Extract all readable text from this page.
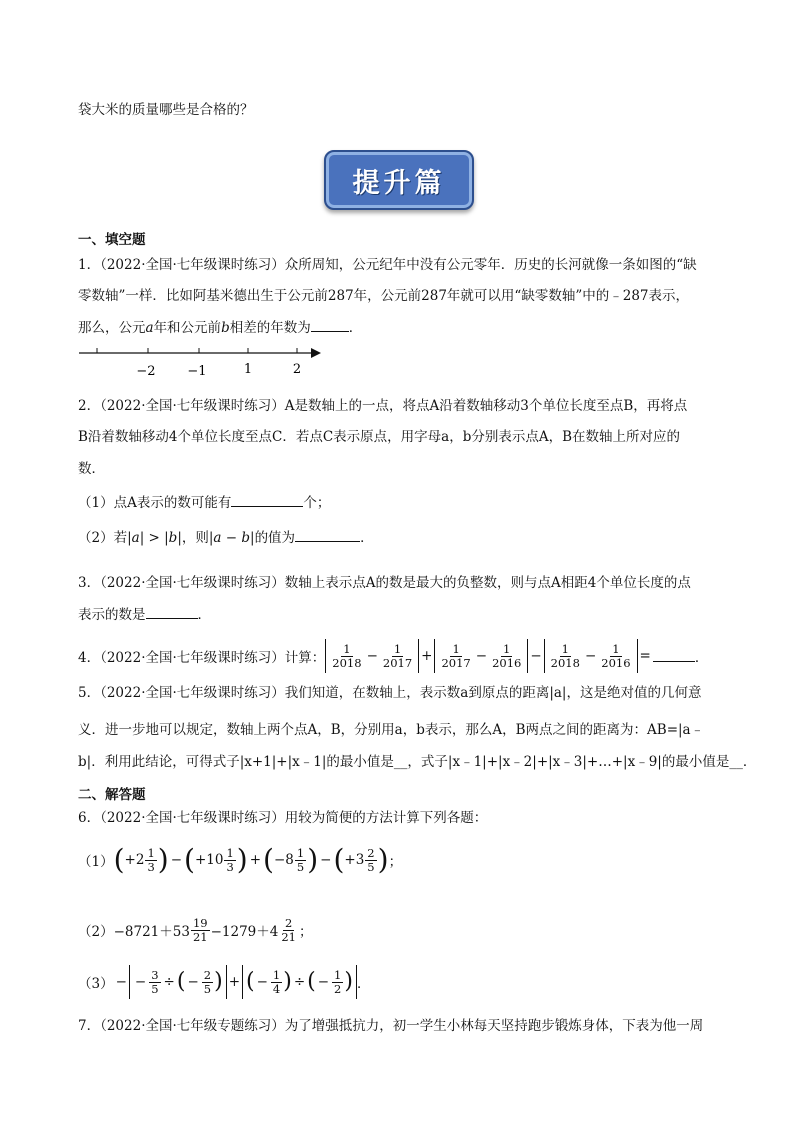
袋大米的质量哪些是合格的？
提升篇
一、填空题
1．（2022·全国·七年级课时练习）众所周知，公元纪年中没有公元零年．历史的长河就像一条如图的“缺
零数轴”一样．比如阿基米德出生于公元前287年，公元前287年就可以用“缺零数轴”中的﹣287表示，
那么，公元a年和公元前b相差的年数为	．
−2 −1	1	2
2．（2022·全国·七年级课时练习）A是数轴上的一点，将点A沿着数轴移动3个单位长度至点B，再将点
B沿着数轴移动4个单位长度至点C．若点C表示原点，用字母a，b分别表示点A，B在数轴上所对应的
数．
（1）点A表示的数可能有	个；
（2）若|a| > |b|，则|a − b|的值为	．
3．（2022·全国·七年级课时练习）数轴上表示点A的数是最大的负整数，则与点A相距4个单位长度的点
表示的数是	．
4．（2022·全国·七年级课时练习）计算： $\frac{1}{2018} - \frac{1}{2017} + \frac{1}{2017} - \frac{1}{2016} - \frac{1}{2018} - \frac{1}{2016}$ =	．
5．（2022·全国·七年级课时练习）我们知道，在数轴上，表示数a到原点的距离|a|，这是绝对值的几何意
义．进一步地可以规定，数轴上两个点A，B，分别用a，b表示，那么A，B两点之间的距离为：AB=|a﹣
b|．利用此结论，可得式子|x+1|+|x﹣1|的最小值是__，式子|x﹣1|+|x﹣2|+|x﹣3|+…+|x﹣9|的最小值是__．
二、解答题
6．（2022·全国·七年级课时练习）用较为简便的方法计算下列各题：
（1） ( $+2 \frac{1}{3}$ ) − ( $+10 \frac{1}{3}$ ) + ( $-8 \frac{1}{5}$ ) − ( $+3 \frac{2}{5}$ ) ；
$(2) -8721+53 \frac{19}{21} -1279+4 \frac{2}{21}$ ；
（3） − − $\frac{3}{5}$ ÷ ( − $\frac{2}{5}$ ) + ( − $\frac{1}{4}$ ) ÷ ( − $\frac{1}{2}$ ) ．
7．（2022·全国·七年级专题练习）为了增强抵抗力，初一学生小林每天坚持跑步锻炼身体，下表为他一周
